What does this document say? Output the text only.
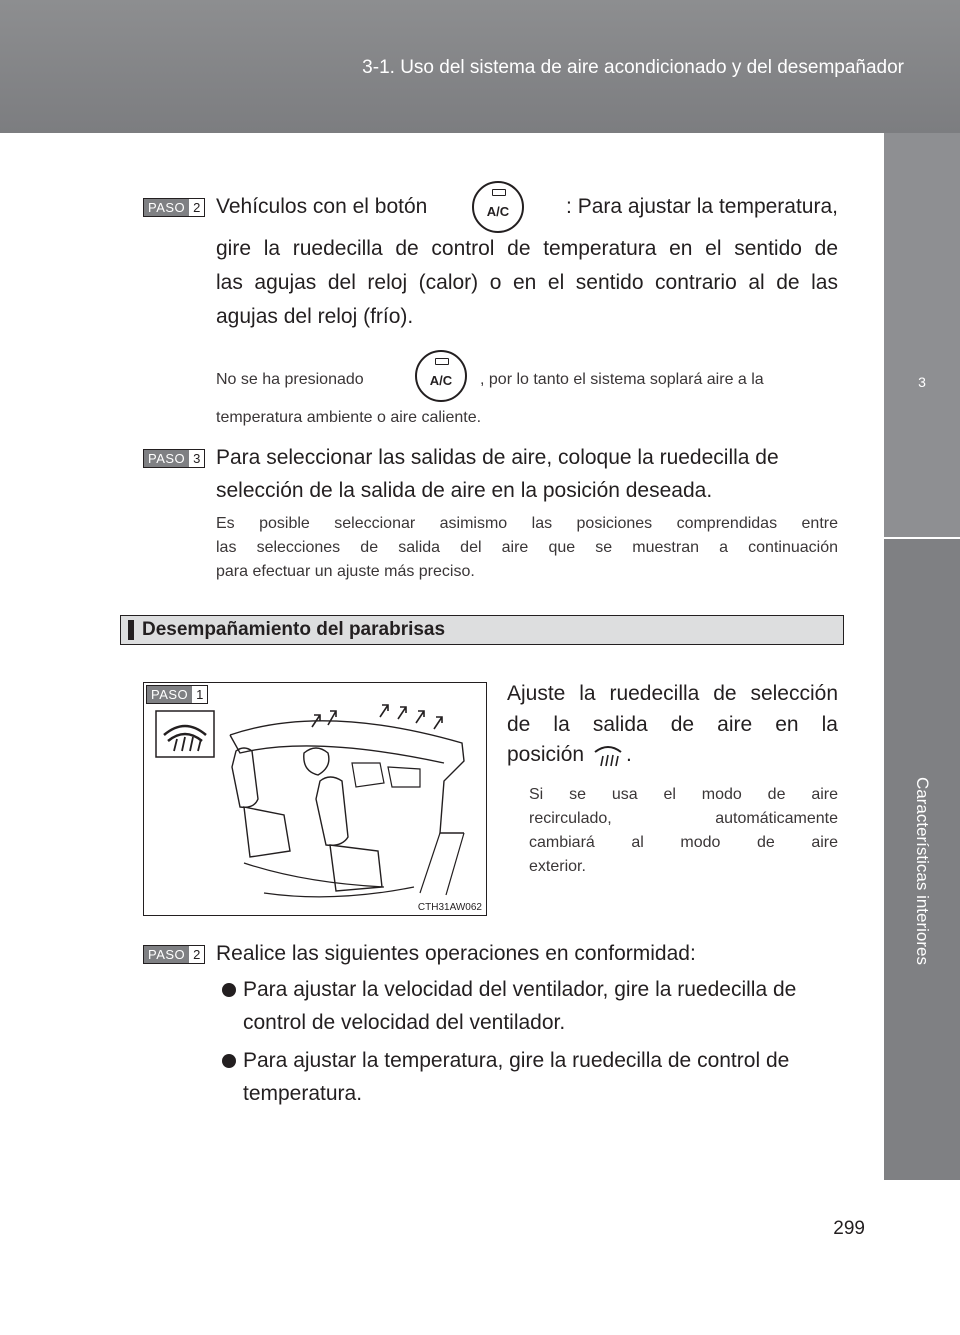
3-1. Uso del sistema de aire acondicionado y del desempañador
3
Características interiores
PASO 2 Vehículos con el botón	A/C	: Para ajustar la temperatura,
gire la ruedecilla de control de temperatura en el sentido de
las agujas del reloj (calor) o en el sentido contrario al de las
agujas del reloj (frío).
No se ha presionado	A/C	, por lo tanto el sistema soplará aire a la
temperatura ambiente o aire caliente.
PASO 3 Para seleccionar las salidas de aire, coloque la ruedecilla de
selección de la salida de aire en la posición deseada.
Es posible seleccionar asimismo las posiciones comprendidas entre
las selecciones de salida del aire que se muestran a continuación
para efectuar un ajuste más preciso.
Desempañamiento del parabrisas
PASO 1
CTH31AW062
Ajuste la ruedecilla de selección
de la salida de aire en la
posición .
Si se usa el modo de aire
recirculado, automáticamente
cambiará al modo de aire
exterior.
PASO 2 Realice las siguientes operaciones en conformidad:
Para ajustar la velocidad del ventilador, gire la ruedecilla de
control de velocidad del ventilador.
Para ajustar la temperatura, gire la ruedecilla de control de
temperatura.
299
